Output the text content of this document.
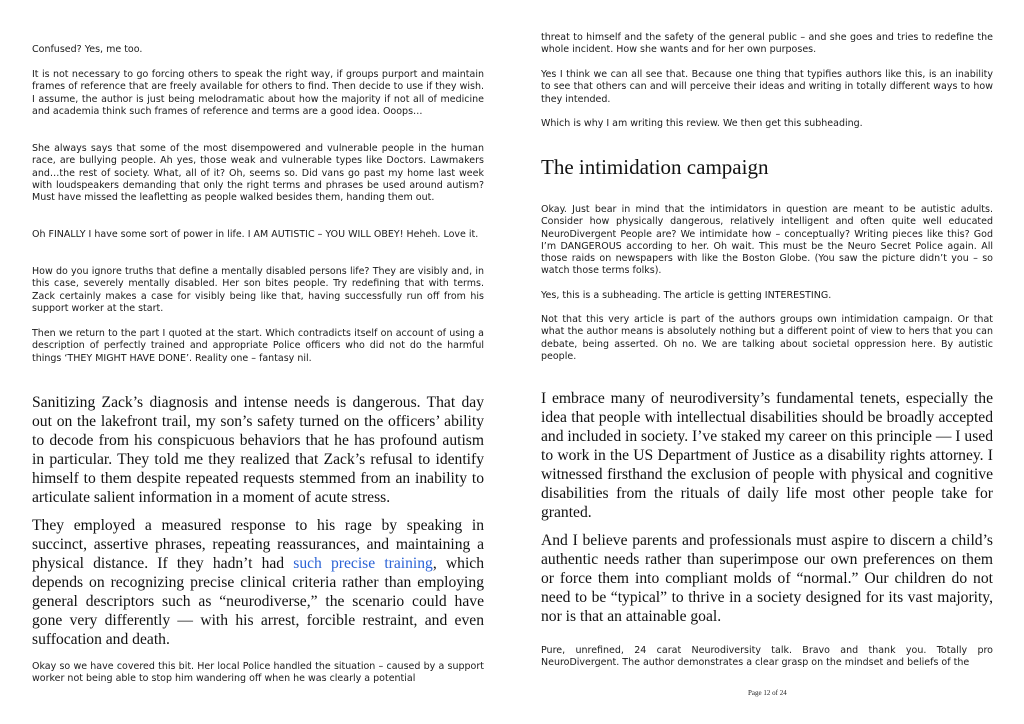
Confused? Yes, me too.

It is not necessary to go forcing others to speak the right way, if groups purport and maintain frames of reference that are freely available for others to find. Then decide to use if they wish. I assume, the author is just being melodramatic about how the majority if not all of medicine and academia think such frames of reference and terms are a good idea. Ooops…

She always says that some of the most disempowered and vulnerable people in the human race, are bullying people. Ah yes, those weak and vulnerable types like Doctors. Lawmakers and…the rest of society. What, all of it? Oh, seems so. Did vans go past my home last week with loudspeakers demanding that only the right terms and phrases be used around autism? Must have missed the leafletting as people walked besides them, handing them out.

Oh FINALLY I have some sort of power in life. I AM AUTISTIC – YOU WILL OBEY! Heheh. Love it.

How do you ignore truths that define a mentally disabled persons life? They are visibly and, in this case, severely mentally disabled. Her son bites people. Try redefining that with terms. Zack certainly makes a case for visibly being like that, having successfully run off from his support worker at the start.

Then we return to the part I quoted at the start. Which contradicts itself on account of using a description of perfectly trained and appropriate Police officers who did not do the harmful things ‘THEY MIGHT HAVE DONE’. Reality one – fantasy nil.

Sanitizing Zack’s diagnosis and intense needs is dangerous. That day out on the lakefront trail, my son’s safety turned on the officers’ ability to decode from his conspicuous behaviors that he has profound autism in particular. They told me they realized that Zack’s refusal to identify himself to them despite repeated requests stemmed from an inability to articulate salient information in a moment of acute stress.

They employed a measured response to his rage by speaking in succinct, assertive phrases, repeating reassurances, and maintaining a physical distance. If they hadn’t had such precise training, which depends on recognizing precise clinical criteria rather than employing general descriptors such as “neurodiverse,” the scenario could have gone very differently — with his arrest, forcible restraint, and even suffocation and death.

Okay so we have covered this bit. Her local Police handled the situation – caused by a support worker not being able to stop him wandering off when he was clearly a potential

threat to himself and the safety of the general public – and she goes and tries to redefine the whole incident. How she wants and for her own purposes.

Yes I think we can all see that. Because one thing that typifies authors like this, is an inability to see that others can and will perceive their ideas and writing in totally different ways to how they intended.

Which is why I am writing this review. We then get this subheading.

The intimidation campaign

Okay. Just bear in mind that the intimidators in question are meant to be autistic adults. Consider how physically dangerous, relatively intelligent and often quite well educated NeuroDivergent People are? We intimidate how – conceptually? Writing pieces like this? God I’m DANGEROUS according to her. Oh wait. This must be the Neuro Secret Police again. All those raids on newspapers with like the Boston Globe. (You saw the picture didn’t you – so watch those terms folks).

Yes, this is a subheading. The article is getting INTERESTING.

Not that this very article is part of the authors groups own intimidation campaign. Or that what the author means is absolutely nothing but a different point of view to hers that you can debate, being asserted. Oh no. We are talking about societal oppression here. By autistic people.

I embrace many of neurodiversity’s fundamental tenets, especially the idea that people with intellectual disabilities should be broadly accepted and included in society. I’ve staked my career on this principle — I used to work in the US Department of Justice as a disability rights attorney. I witnessed firsthand the exclusion of people with physical and cognitive disabilities from the rituals of daily life most other people take for granted.

And I believe parents and professionals must aspire to discern a child’s authentic needs rather than superimpose our own preferences on them or force them into compliant molds of “normal.” Our children do not need to be “typical” to thrive in a society designed for its vast majority, nor is that an attainable goal.

Pure, unrefined, 24 carat Neurodiversity talk. Bravo and thank you. Totally pro NeuroDivergent. The author demonstrates a clear grasp on the mindset and beliefs of the

Page 12 of 24
